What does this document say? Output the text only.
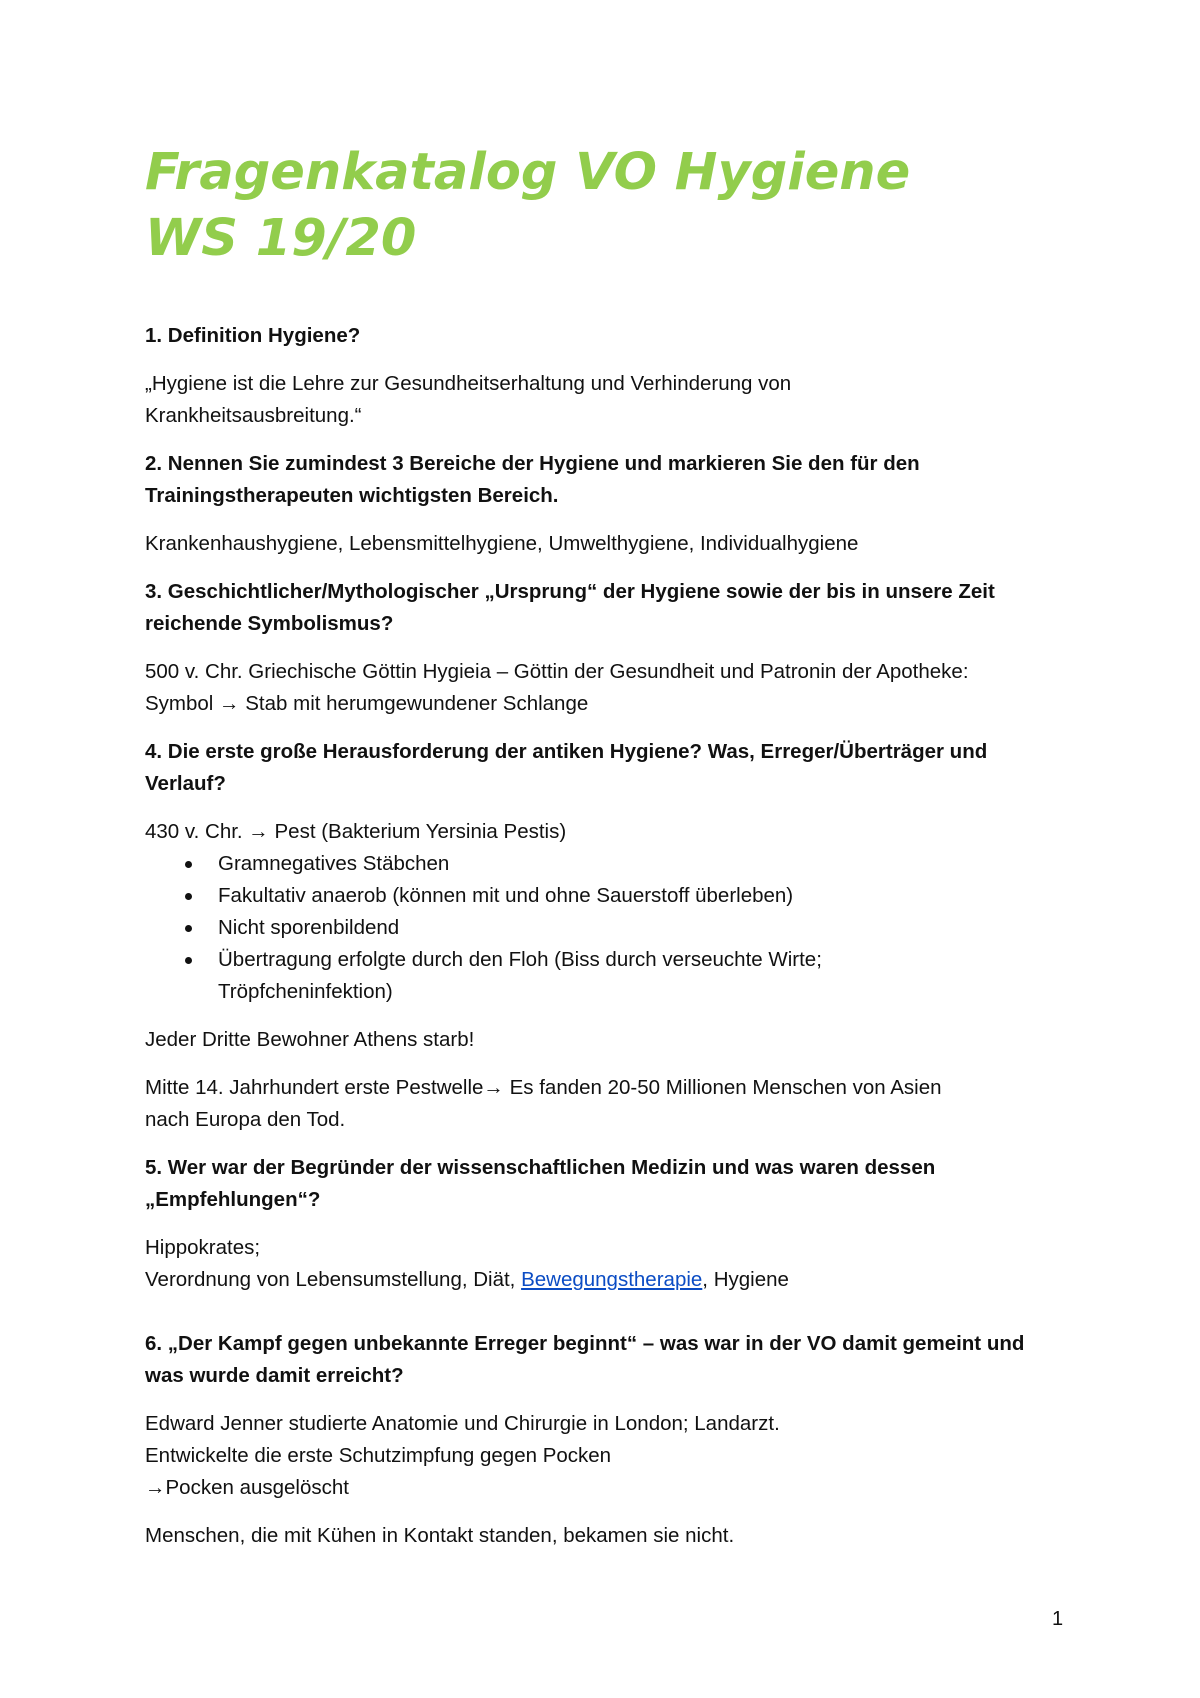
Fragenkatalog VO Hygiene
WS 19/20
1. Definition Hygiene?
„Hygiene ist die Lehre zur Gesundheitserhaltung und Verhinderung von
Krankheitsausbreitung.“
2. Nennen Sie zumindest 3 Bereiche der Hygiene und markieren Sie den für den
Trainingstherapeuten wichtigsten Bereich.
Krankenhaushygiene, Lebensmittelhygiene, Umwelthygiene, Individualhygiene
3. Geschichtlicher/Mythologischer „Ursprung“ der Hygiene sowie der bis in unsere Zeit
reichende Symbolismus?
500 v. Chr. Griechische Göttin Hygieia – Göttin der Gesundheit und Patronin der Apotheke:
Symbol → Stab mit herumgewundener Schlange
4. Die erste große Herausforderung der antiken Hygiene? Was, Erreger/Überträger und
Verlauf?
430 v. Chr. → Pest (Bakterium Yersinia Pestis)
Gramnegatives Stäbchen
Fakultativ anaerob (können mit und ohne Sauerstoff überleben)
Nicht sporenbildend
Übertragung erfolgte durch den Floh (Biss durch verseuchte Wirte;
Tröpfcheninfektion)
Jeder Dritte Bewohner Athens starb!
Mitte 14. Jahrhundert erste Pestwelle→ Es fanden 20-50 Millionen Menschen von Asien
nach Europa den Tod.
5. Wer war der Begründer der wissenschaftlichen Medizin und was waren dessen
„Empfehlungen“?
Hippokrates;
Verordnung von Lebensumstellung, Diät, Bewegungstherapie, Hygiene
6. „Der Kampf gegen unbekannte Erreger beginnt“ – was war in der VO damit gemeint und
was wurde damit erreicht?
Edward Jenner studierte Anatomie und Chirurgie in London; Landarzt.
Entwickelte die erste Schutzimpfung gegen Pocken
→Pocken ausgelöscht
Menschen, die mit Kühen in Kontakt standen, bekamen sie nicht.
1
